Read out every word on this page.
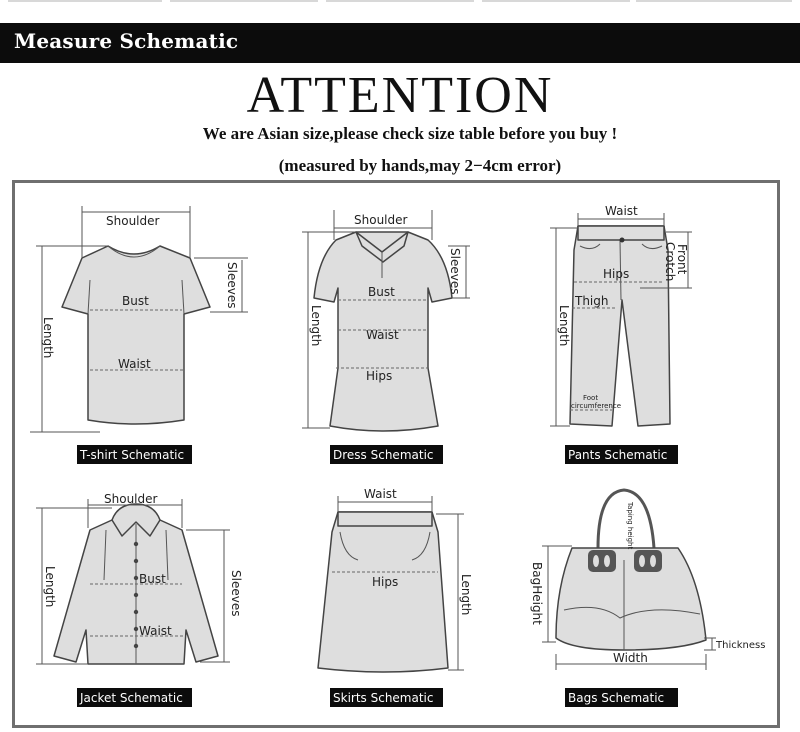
Measure Schematic
ATTENTION
We are Asian size,please check size table before you buy !
(measured by hands,may 2−4cm error)
Shoulder
Bust
Waist
Length
Sleeves
T-shirt Schematic
Shoulder
Bust
Waist
Hips
Length
Sleeves
Dress Schematic
Waist
Hips
Thigh
Length
Front
Crotch
Foot
circumference
Pants Schematic
Shoulder
Bust
Waist
Length	Sleeves
Jacket Schematic
Waist
Hips	Length
Skirts Schematic
Taping height
BagHeight
Width
Thickness
Bags Schematic
